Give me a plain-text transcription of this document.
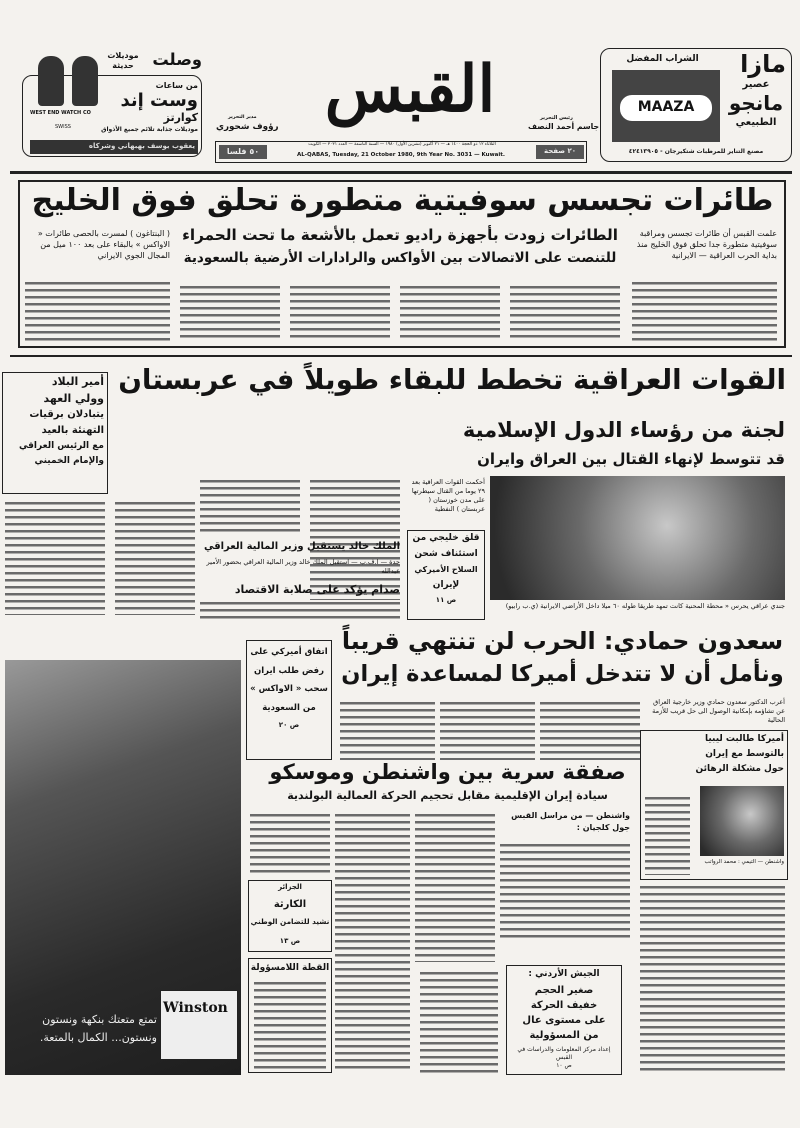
وصلت
موديلات حديثة
WEST END WATCH CO
SWISS
من ساعات
وست إند
كوارتز
موديلات جذابة تلائم جميع الأذواق
يعقوب بوسف بهبهاني وشركاه
مدير التحرير
رؤوف شحوري القبس	رئيس التحرير
جاسم أحمد النصف
٥٠ فلسا	٢٠ صفحة
الثلاثاء ١٢ ذو الحجة ١٤٠٠ هـ — ٢١ أكتوبر (تشرين الأول) ١٩٨٠ — السنة التاسعة — العدد ٣٠٣١ — الكويت
AL-QABAS, Tuesday, 21 October 1980, 9th Year No. 3031 — Kuwait.
الشراب المفضل	مازا
MAAZA
عصير
مانجو
الطبيعي
مصنع التناير للمرطبات شتكيرجان - ٤٢٤١٣٩٠٥
طائرات تجسس سوفيتية متطورة تحلق فوق الخليج
الطائرات زودت بأجهزة راديو تعمل بالأشعة ما تحت الحمراء
للتنصت على الاتصالات بين الأواكس والرادارات الأرضية بالسعودية
علمت القبس أن طائرات تجسس ومراقبة سوفيتية متطورة جدا تحلق فوق الخليج منذ بداية الحرب العراقية — الايرانية
( البنتاغون ) لمسرت بالحصى طائرات « الاواكس » بالبقاء على بعد ١٠٠ ميل من المجال الجوي الايراني
أمير البلاد
وولي العهد
يتبادلان برقيات
التهنئة بالعيد
مع الرئيس العراقي
والإمام الخميني
القوات العراقية تخطط للبقاء طويلاً في عربستان
لجنة من رؤساء الدول الإسلامية
قد تتوسط لإنهاء القتال بين العراق وايران
جندي عراقي يحرس « محطة المحنية كانت تمهد طريقا طوله ٦٠ ميلا داخل الأراضي الايرانية (ي.ب رابيو)
أحكمت القوات العراقية بعد ٢٩ يوما من القتال سيطرتها على مدن خوزستان ( عربستان ) النفطية
قلق خليجي من
استئناف شحن
السلاح الأميركي
لإيران
ص ١١
الملك خالد يستقبل وزير المالية العراقي
جدة — ا.ف.ب — استقبل الملك خالد وزير المالية العراقي بحضور الأمير عبدالله
صدام يؤكد على صلابة الاقتصاد
سعدون حمادي: الحرب لن تنتهي قريباً
ونأمل أن لا تتدخل أميركا لمساعدة إيران
أعرب الدكتور سعدون حمادي وزير خارجية العراق عن تشاؤمه بإمكانية الوصول الى حل قريب للأزمة الحالية
اتفاق أميركي على
رفض طلب ايران
سحب « الاواكس »
من السعودية
ص ٢٠
Winston
تمتع متعتك بنكهة ونستون
ونستون... الكمال بالمتعة.
صفقة سرية بين واشنطن وموسكو
سيادة إيران الإقليمية مقابل تحجيم الحركة العمالية البولندية
واشنطن — من مراسل القبس جول كلجيان :
أميركا طالبت ليبيا
بالتوسط مع إيران
حول مشكلة الرهائن
واشنطن — التيمي : محمد الرواتب
الجزائر
الكارثة
نشيد للتضامن الوطني
ص ١٣
القطة اللامسؤولة
الجيش الأردني :
صغير الحجم
خفيف الحركة
على مستوى عال
من المسؤولية
إعداد مركز المعلومات والدراسات في القبس
ص ١٠
